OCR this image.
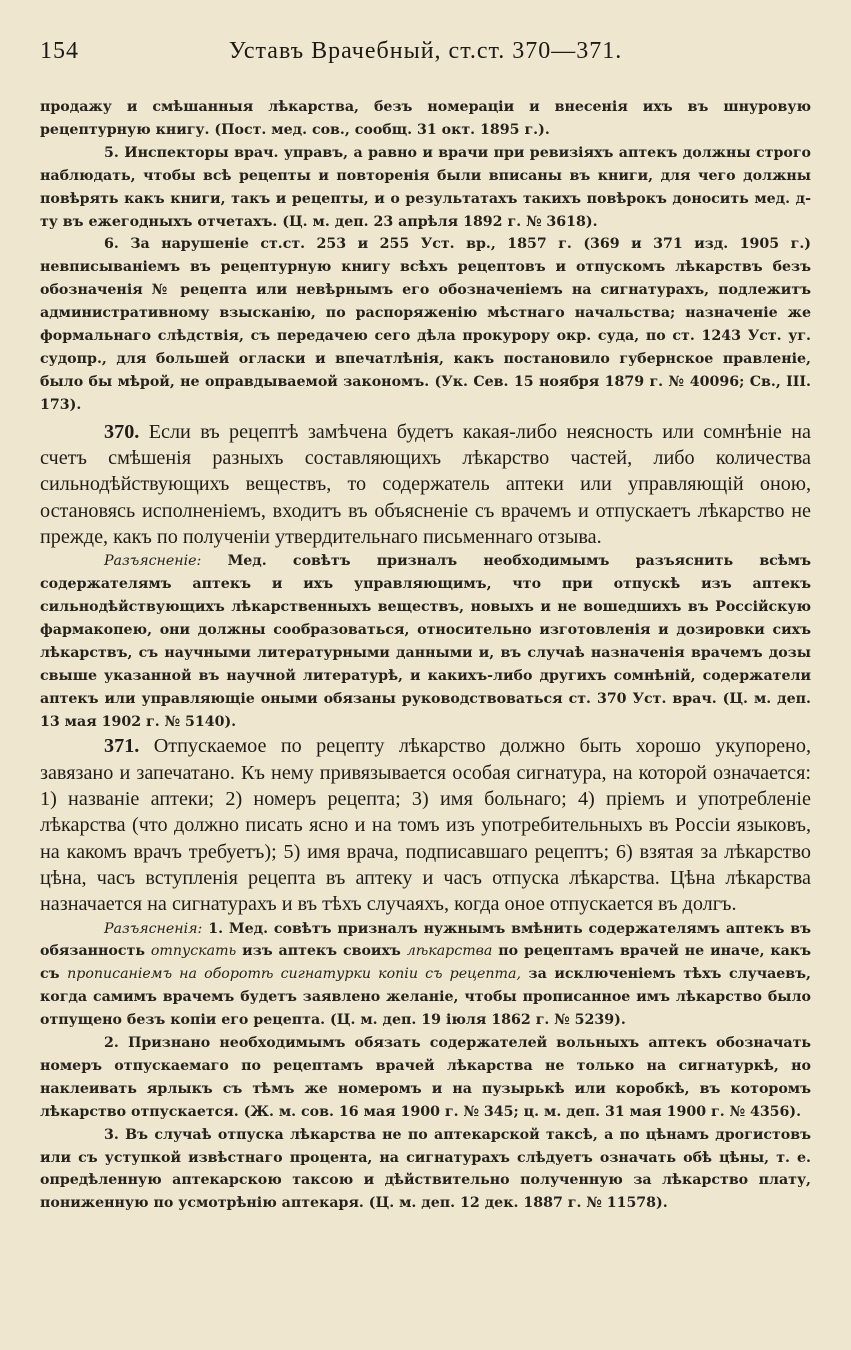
154	Уставъ Врачебный, ст.ст. 370—371.

продажу и смѣшанныя лѣкарства, безъ номераціи и внесенія ихъ въ шнуровую рецептурную книгу. (Пост. мед. сов., сообщ. 31 окт. 1895 г.).

5. Инспекторы врач. управъ, а равно и врачи при ревизіяхъ аптекъ должны строго наблюдать, чтобы всѣ рецепты и повторенія были вписаны въ книги, для чего должны повѣрять какъ книги, такъ и рецепты, и о результатахъ такихъ повѣрокъ доносить мед. д-ту въ ежегодныхъ отчетахъ. (Ц. м. деп. 23 апрѣля 1892 г. № 3618).

6. За нарушеніе ст.ст. 253 и 255 Уст. вр., 1857 г. (369 и 371 изд. 1905 г.) невписываніемъ въ рецептурную книгу всѣхъ рецептовъ и отпускомъ лѣкарствъ безъ обозначенія № рецепта или невѣрнымъ его обозначеніемъ на сигнатурахъ, подлежитъ административному взысканію, по распоряженію мѣстнаго начальства; назначеніе же формальнаго слѣдствія, съ передачею сего дѣла прокурору окр. суда, по ст. 1243 Уст. уг. судопр., для большей огласки и впечатлѣнія, какъ постановило губернское правленіе, было бы мѣрой, не оправдываемой закономъ. (Ук. Сев. 15 ноября 1879 г. № 40096; Св., III. 173).

370. Если въ рецептѣ замѣчена будетъ какая-либо неясность или сомнѣніе на счетъ смѣшенія разныхъ составляющихъ лѣкарство частей, либо количества сильнодѣйствующихъ веществъ, то содержатель аптеки или управляющій оною, остановясь исполненіемъ, входитъ въ объясненіе съ врачемъ и отпускаетъ лѣкарство не прежде, какъ по полученіи утвердительнаго письменнаго отзыва.

Разъясненіе: Мед. совѣтъ призналъ необходимымъ разъяснить всѣмъ содержателямъ аптекъ и ихъ управляющимъ, что при отпускѣ изъ аптекъ сильнодѣйствующихъ лѣкарственныхъ веществъ, новыхъ и не вошедшихъ въ Россійскую фармакопею, они должны сообразоваться, относительно изготовленія и дозировки сихъ лѣкарствъ, съ научными литературными данными и, въ случаѣ назначенія врачемъ дозы свыше указанной въ научной литературѣ, и какихъ-либо другихъ сомнѣній, содержатели аптекъ или управляющіе оными обязаны руководствоваться ст. 370 Уст. врач. (Ц. м. деп. 13 мая 1902 г. № 5140).

371. Отпускаемое по рецепту лѣкарство должно быть хорошо укупорено, завязано и запечатано. Къ нему привязывается особая сигнатура, на которой означается: 1) названіе аптеки; 2) номеръ рецепта; 3) имя больнаго; 4) пріемъ и употребленіе лѣкарства (что должно писать ясно и на томъ изъ употребительныхъ въ Россіи языковъ, на какомъ врачъ требуетъ); 5) имя врача, подписавшаго рецептъ; 6) взятая за лѣкарство цѣна, часъ вступленія рецепта въ аптеку и часъ отпуска лѣкарства. Цѣна лѣкарства назначается на сигнатурахъ и въ тѣхъ случаяхъ, когда оное отпускается въ долгъ.

Разъясненія: 1. Мед. совѣтъ призналъ нужнымъ вмѣнить содержателямъ аптекъ въ обязанность отпускать изъ аптекъ своихъ лѣкарства по рецептамъ врачей не иначе, какъ съ прописаніемъ на оборотѣ сигнатурки копіи съ рецепта, за исключеніемъ тѣхъ случаевъ, когда самимъ врачемъ будетъ заявлено желаніе, чтобы прописанное имъ лѣкарство было отпущено безъ копіи его рецепта. (Ц. м. деп. 19 іюля 1862 г. № 5239).

2. Признано необходимымъ обязать содержателей вольныхъ аптекъ обозначать номеръ отпускаемаго по рецептамъ врачей лѣкарства не только на сигнатуркѣ, но наклеивать ярлыкъ съ тѣмъ же номеромъ и на пузырькѣ или коробкѣ, въ которомъ лѣкарство отпускается. (Ж. м. сов. 16 мая 1900 г. № 345; ц. м. деп. 31 мая 1900 г. № 4356).

3. Въ случаѣ отпуска лѣкарства не по аптекарской таксѣ, а по цѣнамъ дрогистовъ или съ уступкой извѣстнаго процента, на сигнатурахъ слѣдуетъ означать обѣ цѣны, т. е. опредѣленную аптекарскою таксою и дѣйствительно полученную за лѣкарство плату, пониженную по усмотрѣнію аптекаря. (Ц. м. деп. 12 дек. 1887 г. № 11578).
